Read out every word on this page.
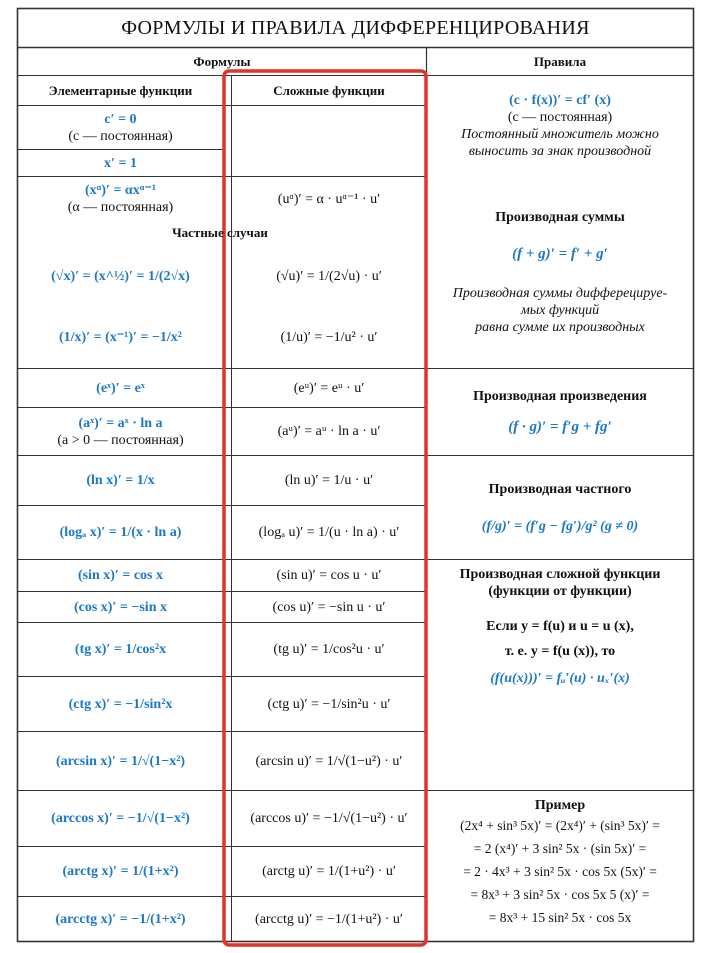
ФОРМУЛЫ И ПРАВИЛА ДИФФЕРЕНЦИРОВАНИЯ
Формулы	Правила
Элементарные функции	Сложные функции
c′ = 0
(c — постоянная)
x′ = 1
(xᵅ)′ = αxᵅ⁻¹
(α — постоянная)
Частные случаи
(√x)′ = (x^½)′ = 1/(2√x)
(1/x)′ = (x⁻¹)′ = −1/x²
(eˣ)′ = eˣ
(aˣ)′ = aˣ · ln a
(a > 0 — постоянная)
(ln x)′ = 1/x
(logₐ x)′ = 1/(x · ln a)
(sin x)′ = cos x
(cos x)′ = −sin x
(tg x)′ = 1/cos²x
(ctg x)′ = −1/sin²x
(arcsin x)′ = 1/√(1−x²)
(arccos x)′ = −1/√(1−x²)
(arctg x)′ = 1/(1+x²)
(arcctg x)′ = −1/(1+x²)
(uᵅ)′ = α · uᵅ⁻¹ · u′
(√u)′ = 1/(2√u) · u′
(1/u)′ = −1/u² · u′
(eᵘ)′ = eᵘ · u′
(aᵘ)′ = aᵘ · ln a · u′
(ln u)′ = 1/u · u′
(logₐ u)′ = 1/(u · ln a) · u′
(sin u)′ = cos u · u′
(cos u)′ = −sin u · u′
(tg u)′ = 1/cos²u · u′
(ctg u)′ = −1/sin²u · u′
(arcsin u)′ = 1/√(1−u²) · u′
(arccos u)′ = −1/√(1−u²) · u′
(arctg u)′ = 1/(1+u²) · u′
(arcctg u)′ = −1/(1+u²) · u′
(c · f(x))′ = cf′ (x)
(c — постоянная)
Постоянный множитель можно
выносить за знак производной
Производная суммы
(f + g)′ = f′ + g′
Производная суммы дифферецируе-
мых функций
равна сумме их производных
Производная произведения
(f · g)′ = f′g + fg′
Производная частного
(f/g)′ = (f′g − fg′)/g² (g ≠ 0)
Производная сложной функции
(функции от функции)
Если y = f(u) и u = u (x),
т. е. y = f(u (x)), то
(f(u(x)))′ = fᵤ′(u) · uₓ′(x)
Пример
(2x⁴ + sin³ 5x)′ = (2x⁴)′ + (sin³ 5x)′ =
= 2 (x⁴)′ + 3 sin² 5x · (sin 5x)′ =
= 2 · 4x³ + 3 sin² 5x · cos 5x (5x)′ =
= 8x³ + 3 sin² 5x · cos 5x 5 (x)′ =
= 8x³ + 15 sin² 5x · cos 5x
